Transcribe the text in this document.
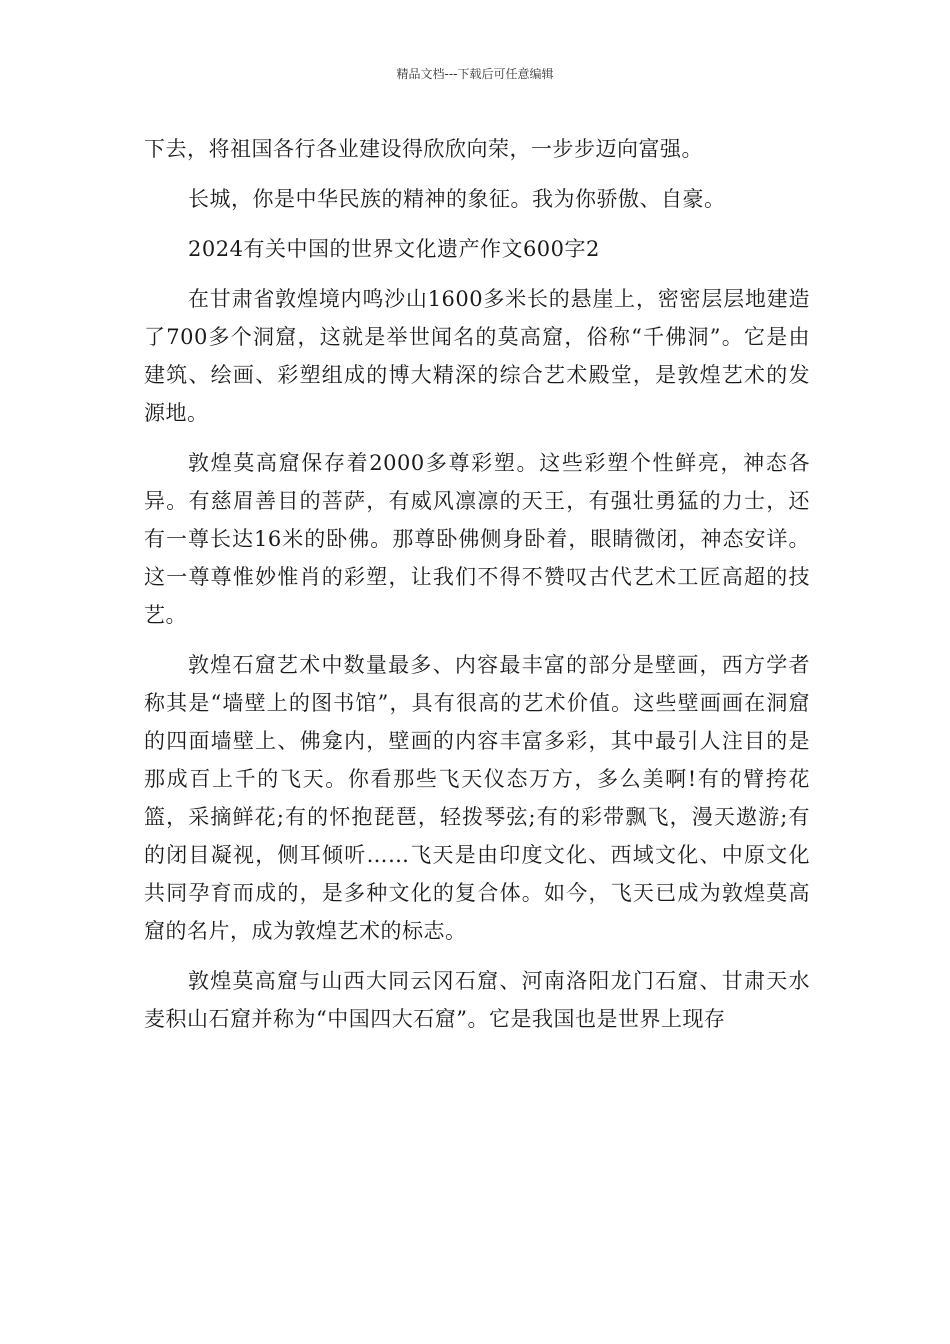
精品文档---下载后可任意编辑

下去，将祖国各行各业建设得欣欣向荣，一步步迈向富强。

长城，你是中华民族的精神的象征。我为你骄傲、自豪。

2024有关中国的世界文化遗产作文600字2

在甘肃省敦煌境内鸣沙山1600多米长的悬崖上，密密层层地建造了700多个洞窟，这就是举世闻名的莫高窟，俗称“千佛洞”。它是由建筑、绘画、彩塑组成的博大精深的综合艺术殿堂，是敦煌艺术的发源地。

敦煌莫高窟保存着2000多尊彩塑。这些彩塑个性鲜亮，神态各异。有慈眉善目的菩萨，有威风凛凛的天王，有强壮勇猛的力士，还有一尊长达16米的卧佛。那尊卧佛侧身卧着，眼睛微闭，神态安详。这一尊尊惟妙惟肖的彩塑，让我们不得不赞叹古代艺术工匠高超的技艺。

敦煌石窟艺术中数量最多、内容最丰富的部分是壁画，西方学者称其是“墙壁上的图书馆”，具有很高的艺术价值。这些壁画画在洞窟的四面墙壁上、佛龛内，壁画的内容丰富多彩，其中最引人注目的是那成百上千的飞天。你看那些飞天仪态万方，多么美啊!有的臂挎花篮，采摘鲜花;有的怀抱琵琶，轻拨琴弦;有的彩带飘飞，漫天遨游;有的闭目凝视，侧耳倾听……飞天是由印度文化、西域文化、中原文化共同孕育而成的，是多种文化的复合体。如今，飞天已成为敦煌莫高窟的名片，成为敦煌艺术的标志。

敦煌莫高窟与山西大同云冈石窟、河南洛阳龙门石窟、甘肃天水麦积山石窟并称为“中国四大石窟”。它是我国也是世界上现存
